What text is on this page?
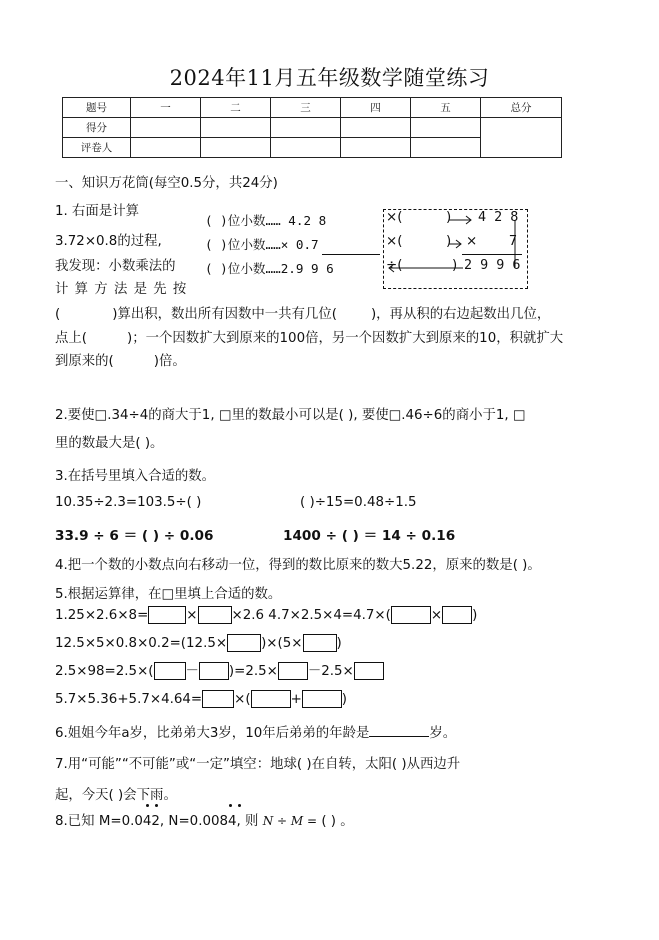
2024年11月五年级数学随堂练习
题号	一	二	三	四	五	总分
得分						
评卷人						
一、知识万花筒(每空0.5分，共24分)
1. 右面是计算
3.72×0.8的过程,
我发现：小数乘法的
计 算 方 法 是 先 按
( )位小数…… 4.2 8
( )位小数……× 0.7
( )位小数……2.9 9 6
×(	) 4 2 8
×(	) × 7
÷(	) 2 9 9 6
(	)算出积，数出所有因数中一共有几位(	)，再从积的右边起数出几位，
点上(	)；一个因数扩大到原来的100倍，另一个因数扩大到原来的10，积就扩大
到原来的(	)倍。
2.要使□.34÷4的商大于1, □里的数最小可以是( ), 要使□.46÷6的商小于1, □
里的数最大是( )。
3.在括号里填入合适的数。
10.35÷2.3=103.5÷( )	( )÷15=0.48÷1.5
33.9 ÷ 6 ＝ ( ) ÷ 0.06	1400 ÷ ( ) ＝ 14 ÷ 0.16
4.把一个数的小数点向右移动一位，得到的数比原来的数大5.22，原来的数是( )。
5.根据运算律，在□里填上合适的数。
1.25×2.6×8=	×	×2.6 4.7×2.5×4=4.7×(	× )
12.5×5×0.8×0.2=(12.5×	)×(5×	)
2.5×98=2.5×( － )=2.5× －2.5×
5.7×5.36+5.7×4.64= ×(	+	)
6.姐姐今年a岁，比弟弟大3岁，10年后弟弟的年龄是	岁。
7.用“可能”“不可能”或“一定”填空：地球( )在自转，太阳( )从西边升
起，今天( )会下雨。
8.已知 M=0.042, N=0.0084, 则 N ÷ M = ( ) 。
